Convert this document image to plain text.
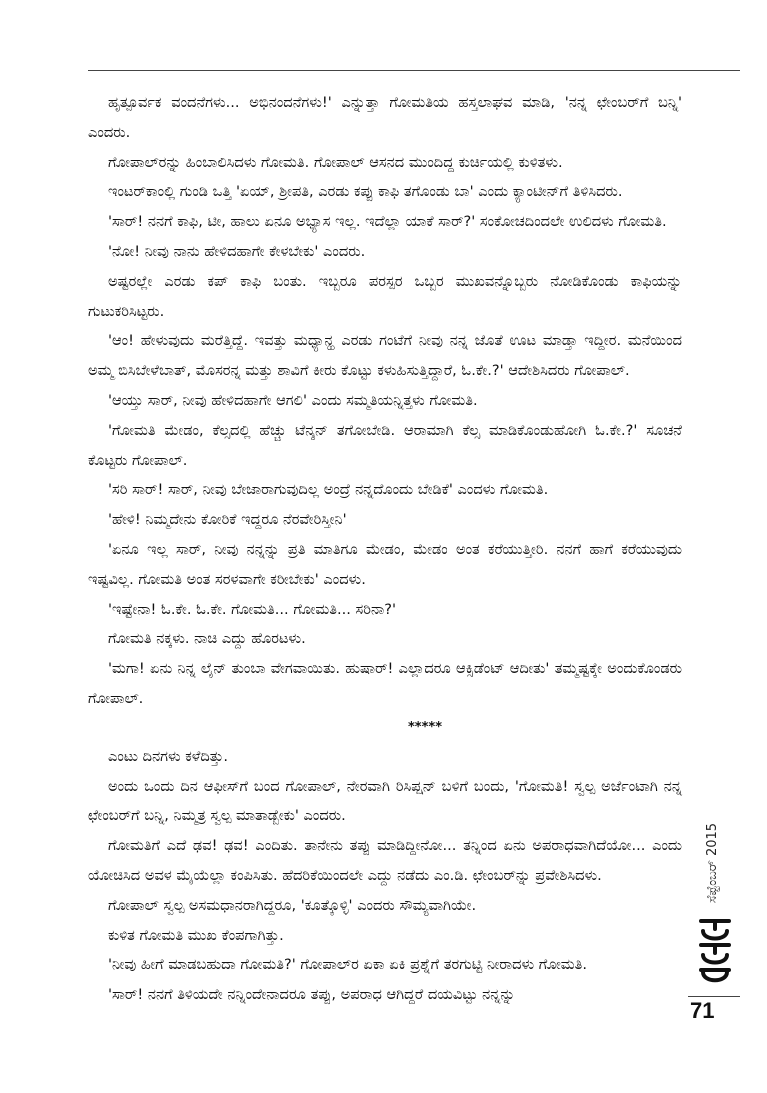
ಹೃತ್ಪೂರ್ವಕ ವಂದನೆಗಳು... ಅಭಿನಂದನೆಗಳು!' ಎನ್ನುತ್ತಾ ಗೋಮತಿಯ ಹಸ್ತಲಾಘವ ಮಾಡಿ, 'ನನ್ನ ಛೇಂಬರ್‌ಗೆ ಬನ್ನಿ' ಎಂದರು.

ಗೋಪಾಲ್‌ರನ್ನು ಹಿಂಬಾಲಿಸಿದಳು ಗೋಮತಿ. ಗೋಪಾಲ್ ಆಸನದ ಮುಂದಿದ್ದ ಕುರ್ಚಿಯಲ್ಲಿ ಕುಳಿತಳು.

ಇಂಟರ್‌ಕಾಂಲ್ಲಿ ಗುಂಡಿ ಒತ್ತಿ 'ಏಯ್, ಶ್ರೀಪತಿ, ಎರಡು ಕಪ್ಪು ಕಾಫಿ ತಗೊಂಡು ಬಾ' ಎಂದು ಕ್ಯಾಂಟೀನ್‌ಗೆ ತಿಳಿಸಿದರು.

'ಸಾರ್! ನನಗೆ ಕಾಫಿ, ಟೀ, ಹಾಲು ಏನೂ ಅಭ್ಯಾಸ ಇಲ್ಲ. ಇದೆಲ್ಲಾ ಯಾಕೆ ಸಾರ್?' ಸಂಕೋಚದಿಂದಲೇ ಉಲಿದಳು ಗೋಮತಿ.

'ನೋ! ನೀವು ನಾನು ಹೇಳಿದಹಾಗೇ ಕೇಳಬೇಕು' ಎಂದರು.

ಅಷ್ಟರಲ್ಲೇ ಎರಡು ಕಪ್ ಕಾಫಿ ಬಂತು. ಇಬ್ಬರೂ ಪರಸ್ಪರ ಒಬ್ಬರ ಮುಖವನ್ನೊಬ್ಬರು ನೋಡಿಕೊಂಡು ಕಾಫಿಯನ್ನು ಗುಟುಕರಿಸಿಟ್ಟರು.

'ಆಂ! ಹೇಳುವುದು ಮರೆತ್ತಿದ್ದೆ. ಇವತ್ತು ಮಧ್ಯಾನ್ಹ ಎರಡು ಗಂಟೆಗೆ ನೀವು ನನ್ನ ಜೊತೆ ಊಟ ಮಾಡ್ತಾ ಇದ್ದೀರ. ಮನೆಯಿಂದ ಅಮ್ಮ ಬಿಸಿಬೇಳೆಬಾತ್, ಮೊಸರನ್ನ ಮತ್ತು ಶಾವಿಗೆ ಕೀರು ಕೊಟ್ಟು ಕಳುಹಿಸುತ್ತಿದ್ದಾರೆ, ಓ.ಕೇ.?' ಆದೇಶಿಸಿದರು ಗೋಪಾಲ್.

'ಆಯ್ತು ಸಾರ್, ನೀವು ಹೇಳಿದಹಾಗೇ ಆಗಲಿ' ಎಂದು ಸಮ್ಮತಿಯನ್ನಿತ್ತಳು ಗೋಮತಿ.

'ಗೋಮತಿ ಮೇಡಂ, ಕೆಲ್ಸದಲ್ಲಿ ಹೆಚ್ಚು ಟೆನ್ಶನ್ ತಗೋಬೇಡಿ. ಆರಾಮಾಗಿ ಕೆಲ್ಸ ಮಾಡಿಕೊಂಡುಹೋಗಿ ಓ.ಕೇ.?' ಸೂಚನೆ ಕೊಟ್ಟರು ಗೋಪಾಲ್.

'ಸರಿ ಸಾರ್! ಸಾರ್, ನೀವು ಬೇಜಾರಾಗುವುದಿಲ್ಲ ಅಂದ್ರೆ ನನ್ನದೊಂದು ಬೇಡಿಕೆ' ಎಂದಳು ಗೋಮತಿ.

'ಹೇಳಿ! ನಿಮ್ಮದೇನು ಕೋರಿಕೆ ಇದ್ದರೂ ನೆರವೇರಿಸ್ತೀನಿ'

'ಏನೂ ಇಲ್ಲ ಸಾರ್, ನೀವು ನನ್ನನ್ನು ಪ್ರತಿ ಮಾತಿಗೂ ಮೇಡಂ, ಮೇಡಂ ಅಂತ ಕರೆಯುತ್ತೀರಿ. ನನಗೆ ಹಾಗೆ ಕರೆಯುವುದು ಇಷ್ಟವಿಲ್ಲ. ಗೋಮತಿ ಅಂತ ಸರಳವಾಗೇ ಕರೀಬೇಕು' ಎಂದಳು.

'ಇಷ್ಟೇನಾ! ಓ.ಕೇ. ಓ.ಕೇ. ಗೋಮತಿ... ಗೋಮತಿ... ಸರಿನಾ?'

ಗೋಮತಿ ನಕ್ಕಳು. ನಾಚಿ ಎದ್ದು ಹೊರಟಳು.

'ಮಗಾ! ಏನು ನಿನ್ನ ಲೈನ್ ತುಂಬಾ ವೇಗವಾಯಿತು. ಹುಷಾರ್! ಎಲ್ಲಾದರೂ ಆಕ್ಸಿಡೆಂಟ್ ಆದೀತು' ತಮ್ಮಷ್ಟಕ್ಕೇ ಅಂದುಕೊಂಡರು ಗೋಪಾಲ್.

*****

ಎಂಟು ದಿನಗಳು ಕಳೆದಿತ್ತು.

ಅಂದು ಒಂದು ದಿನ ಆಫೀಸ್‌ಗೆ ಬಂದ ಗೋಪಾಲ್, ನೇರವಾಗಿ ರಿಸಿಪ್ಷನ್ ಬಳಿಗೆ ಬಂದು, 'ಗೋಮತಿ! ಸ್ವಲ್ಪ ಅರ್ಜೆಂಟಾಗಿ ನನ್ನ ಛೇಂಬರ್‌ಗೆ ಬನ್ನಿ, ನಿಮ್ಮತ್ರ ಸ್ವಲ್ಪ ಮಾತಾಡ್ಬೇಕು' ಎಂದರು.

ಗೋಮತಿಗೆ ಎದೆ ಢವ! ಢವ! ಎಂದಿತು. ತಾನೇನು ತಪ್ಪು ಮಾಡಿದ್ದೀನೋ... ತನ್ನಿಂದ ಏನು ಅಪರಾಧವಾಗಿದೆಯೋ... ಎಂದು ಯೋಚಿಸಿದ ಅವಳ ಮೈಯೆಲ್ಲಾ ಕಂಪಿಸಿತು. ಹೆದರಿಕೆಯಿಂದಲೇ ಎದ್ದು ನಡೆದು ಎಂ.ಡಿ. ಛೇಂಬರ್‌ನ್ನು ಪ್ರವೇಶಿಸಿದಳು.

ಗೋಪಾಲ್ ಸ್ವಲ್ಪ ಅಸಮಧಾನರಾಗಿದ್ದರೂ, 'ಕೂತ್ಕೊಳ್ಳಿ' ಎಂದರು ಸೌಮ್ಯವಾಗಿಯೇ.

ಕುಳಿತ ಗೋಮತಿ ಮುಖ ಕೆಂಪಗಾಗಿತ್ತು.

'ನೀವು ಹೀಗೆ ಮಾಡಬಹುದಾ ಗೋಮತಿ?' ಗೋಪಾಲ್‌ರ ಏಕಾ ಏಕಿ ಪ್ರಶ್ನೆಗೆ ತರಗುಟ್ಟಿ ನೀರಾದಳು ಗೋಮತಿ.

'ಸಾರ್! ನನಗೆ ತಿಳಿಯದೇ ನನ್ನಿಂದೇನಾದರೂ ತಪ್ಪು, ಅಪರಾಧ ಆಗಿದ್ದರೆ ದಯವಿಟ್ಟು ನನ್ನನ್ನು

ಸೆಪ್ಟೆಂಬರ್ 2015
71
